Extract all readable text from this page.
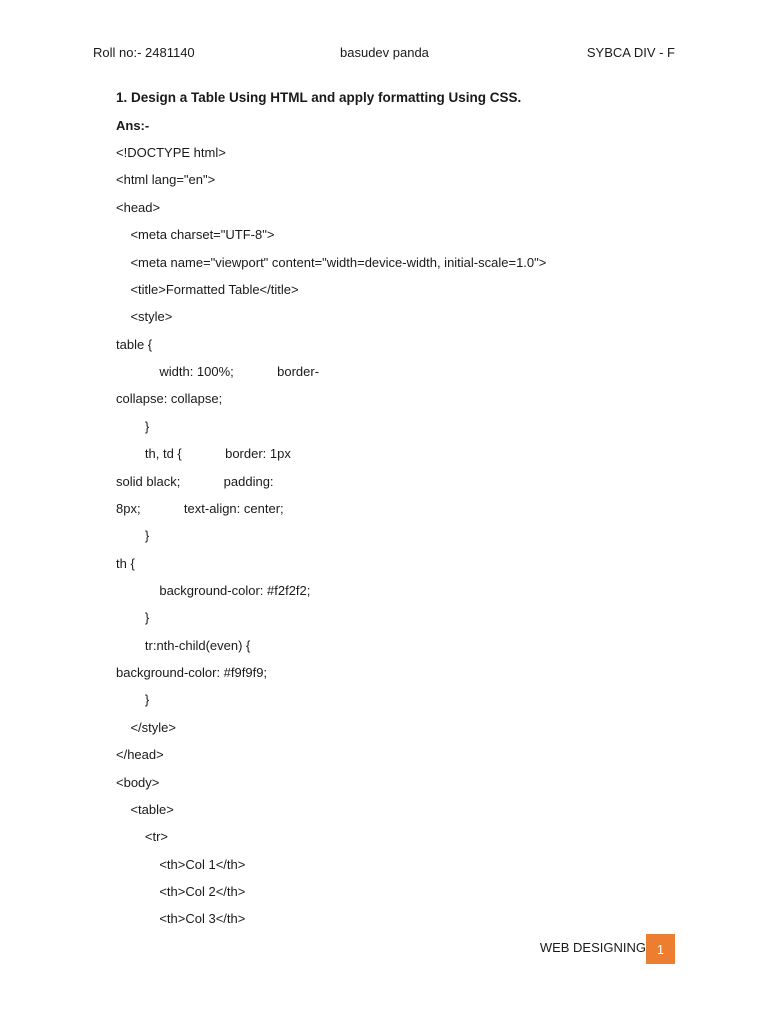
Roll no:- 2481140	basudev panda	SYBCA DIV - F
1. Design a Table Using HTML and apply formatting Using CSS.
Ans:-
<!DOCTYPE html>
<html lang="en">
<head>
<meta charset="UTF-8">
<meta name="viewport" content="width=device-width, initial-scale=1.0">
<title>Formatted Table</title>
<style>
table {
width: 100%;            border-
collapse: collapse;
}
th, td {            border: 1px
solid black;            padding:
8px;            text-align: center;
}
th {
background-color: #f2f2f2;
}
tr:nth-child(even) {
background-color: #f9f9f9;
}
</style>
</head>
<body>
<table>
<tr>
<th>Col 1</th>
<th>Col 2</th>
<th>Col 3</th>
WEB DESIGNING 1
